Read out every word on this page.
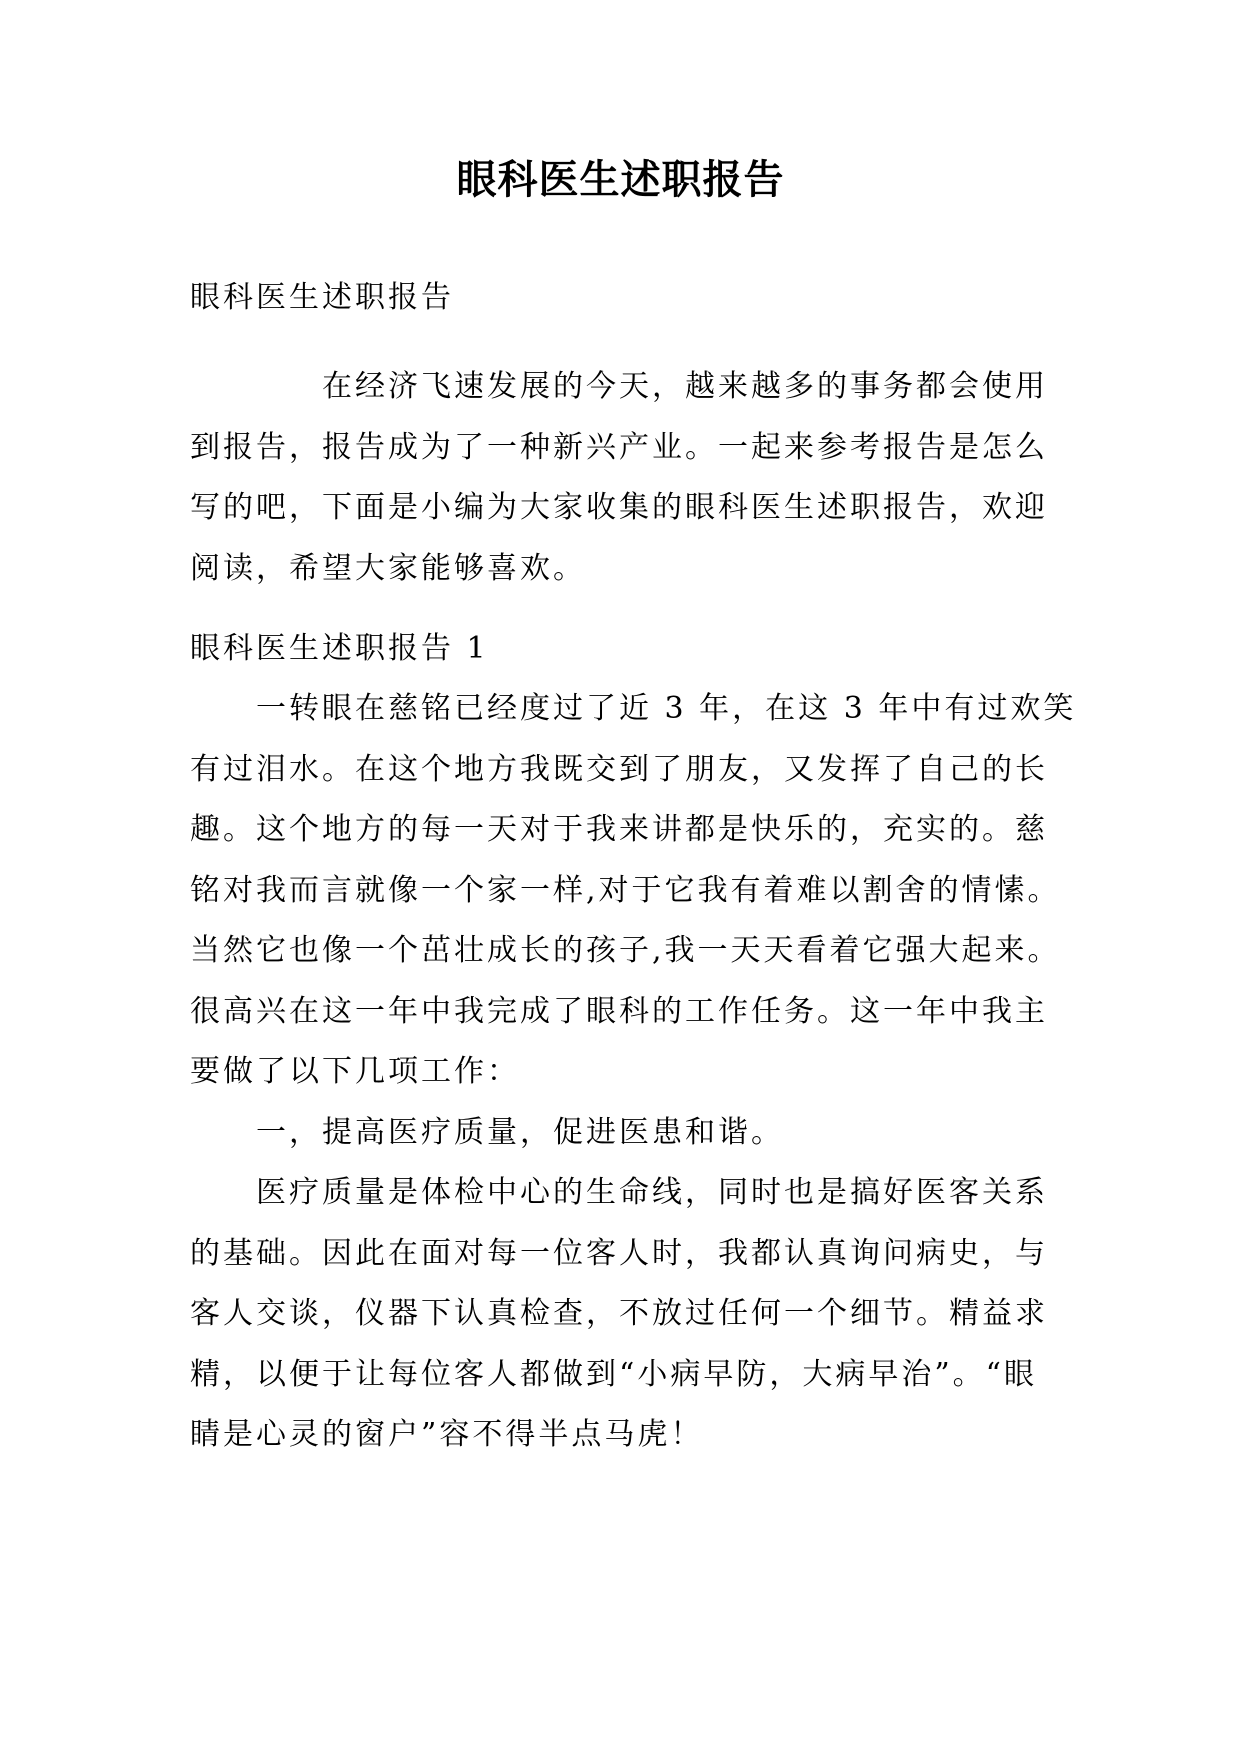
眼科医生述职报告

眼科医生述职报告

　　　　在经济飞速发展的今天，越来越多的事务都会使用
到报告，报告成为了一种新兴产业。一起来参考报告是怎么
写的吧，下面是小编为大家收集的眼科医生述职报告，欢迎
阅读，希望大家能够喜欢。

眼科医生述职报告 1

　　一转眼在慈铭已经度过了近 3 年，在这 3 年中有过欢笑
有过泪水。在这个地方我既交到了朋友，又发挥了自己的长
趣。这个地方的每一天对于我来讲都是快乐的，充实的。慈
铭对我而言就像一个家一样,对于它我有着难以割舍的情愫。
当然它也像一个茁壮成长的孩子,我一天天看着它强大起来。
很高兴在这一年中我完成了眼科的工作任务。这一年中我主
要做了以下几项工作：
　　一，提高医疗质量，促进医患和谐。
　　医疗质量是体检中心的生命线，同时也是搞好医客关系
的基础。因此在面对每一位客人时，我都认真询问病史，与
客人交谈，仪器下认真检查，不放过任何一个细节。精益求
精，以便于让每位客人都做到“小病早防，大病早治”。“眼
睛是心灵的窗户”容不得半点马虎！
